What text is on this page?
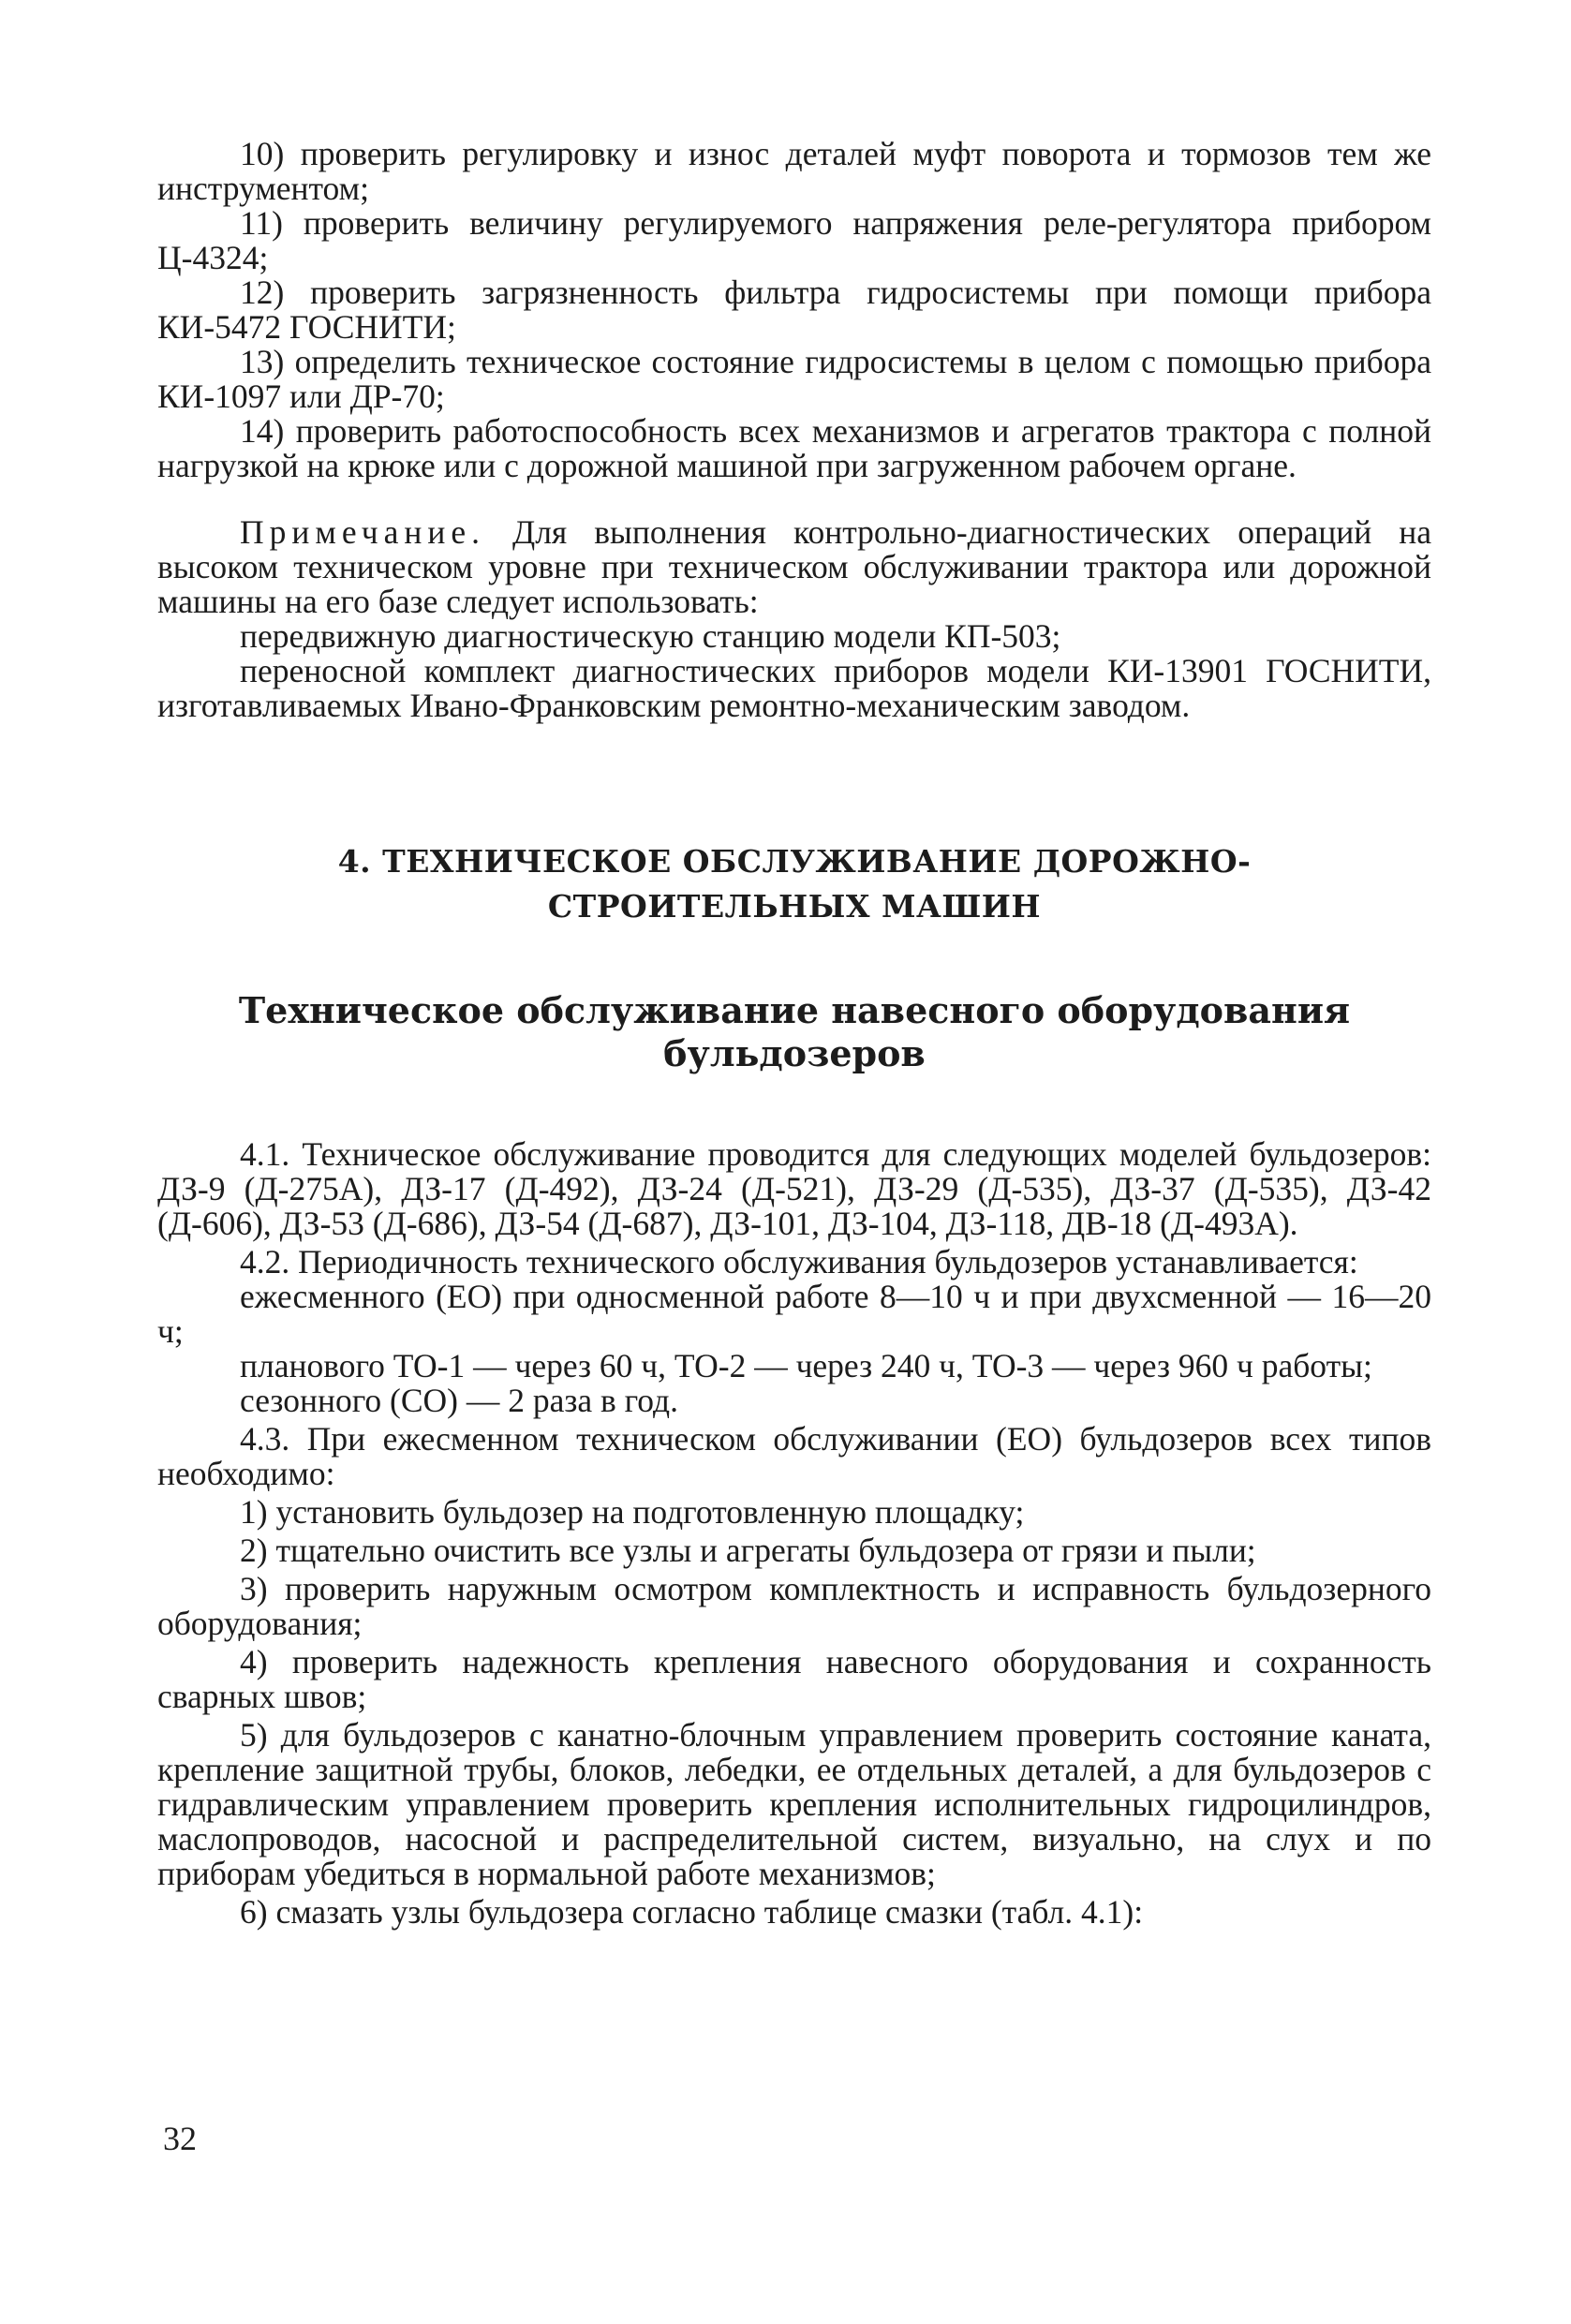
10) проверить регулировку и износ деталей муфт поворота и тормозов тем же инструментом;

11) проверить величину регулируемого напряжения реле-регулятора прибором Ц-4324;

12) проверить загрязненность фильтра гидросистемы при помощи прибора КИ-5472 ГОСНИТИ;

13) определить техническое состояние гидросистемы в целом с помощью прибора КИ-1097 или ДР-70;

14) проверить работоспособность всех механизмов и агрегатов трактора с полной нагрузкой на крюке или с дорожной машиной при загруженном рабочем органе.

Примечание. Для выполнения контрольно-диагностических операций на высоком техническом уровне при техническом обслуживании трактора или дорожной машины на его базе следует использовать:

передвижную диагностическую станцию модели КП-503;

переносной комплект диагностических приборов модели КИ-13901 ГОСНИТИ, изготавливаемых Ивано-Франковским ремонтно-механическим заводом.

4. ТЕХНИЧЕСКОЕ ОБСЛУЖИВАНИЕ ДОРОЖНО-
СТРОИТЕЛЬНЫХ МАШИН
Техническое обслуживание навесного оборудования
бульдозеров

4.1. Техническое обслуживание проводится для следующих моделей бульдозеров: ДЗ-9 (Д-275А), ДЗ-17 (Д-492), ДЗ-24 (Д-521), ДЗ-29 (Д-535), ДЗ-37 (Д-535), ДЗ-42 (Д-606), ДЗ-53 (Д-686), ДЗ-54 (Д-687), ДЗ-101, ДЗ-104, ДЗ-118, ДВ-18 (Д-493А).

4.2. Периодичность технического обслуживания бульдозеров устанавливается:

ежесменного (ЕО) при односменной работе 8—10 ч и при двухсменной — 16—20 ч;

планового ТО-1 — через 60 ч, ТО-2 — через 240 ч, ТО-3 — через 960 ч работы;

сезонного (СО) — 2 раза в год.

4.3. При ежесменном техническом обслуживании (ЕО) бульдозеров всех типов необходимо:

1) установить бульдозер на подготовленную площадку;

2) тщательно очистить все узлы и агрегаты бульдозера от грязи и пыли;

3) проверить наружным осмотром комплектность и исправность бульдозерного оборудования;

4) проверить надежность крепления навесного оборудования и сохранность сварных швов;

5) для бульдозеров с канатно-блочным управлением проверить состояние каната, крепление защитной трубы, блоков, лебедки, ее отдельных деталей, а для бульдозеров с гидравлическим управлением проверить крепления исполнительных гидроцилиндров, маслопроводов, насосной и распределительной систем, визуально, на слух и по приборам убедиться в нормальной работе механизмов;

6) смазать узлы бульдозера согласно таблице смазки (табл. 4.1):

32
